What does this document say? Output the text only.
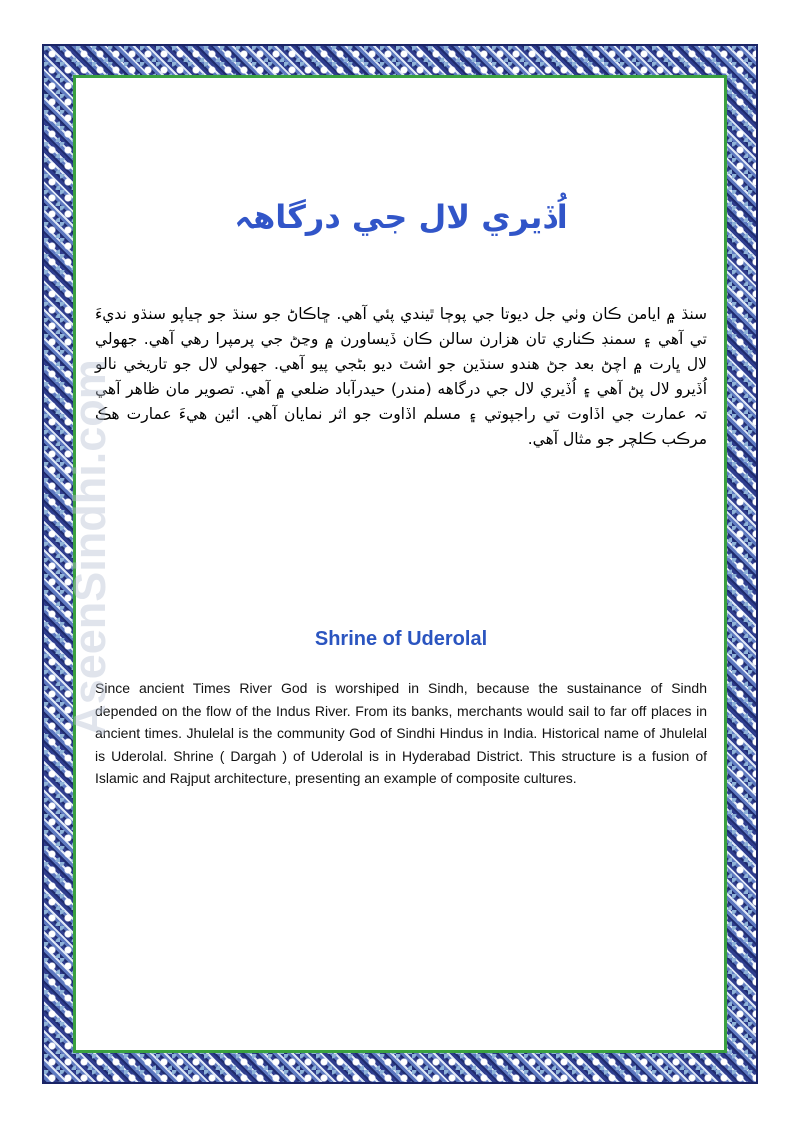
اُڏيري لال جي درگاهہ
سنڌ ۾ ايامن ڪان وٺي جل ديوتا جي پوڄا ٿيندي پئي آهي. ڇاڪاڻ جو سنڌ جو ڄياپو سنڌو نديءَ تي آهي ۽ سمنڊ ڪناري تان هزارن سالن ڪان ڏيساورن ۾ وڃڻ جي پرمپرا رهي آهي. جهولي لال ڀارت ۾ اچڻ بعد جڻ هندو سنڌين جو اشٽ ديو بڻجي پيو آهي. جهولي لال جو تاريخي نالو اُڏيرو لال پڻ آهي ۽ اُڏيري لال جي درگاهه (مندر) حيدرآباد ضلعي ۾ آهي. تصوير مان ظاهر آهي تہ عمارت جي اڏاوت تي راجپوتي ۽ مسلم اڏاوت جو اثر نمايان آهي. ائين هيءَ عمارت هڪ مرڪب ڪلچر جو مثال آهي.
Shrine of Uderolal
Since ancient Times River God is worshiped in Sindh, because the sustainance of Sindh depended on the flow of the Indus River. From its banks, merchants would sail to far off places in ancient times. Jhulelal is the community God of Sindhi Hindus in India. Historical name of Jhulelal is Uderolal. Shrine ( Dargah ) of Uderolal is in Hyderabad District. This structure is a fusion of Islamic and Rajput architecture, presenting an example of composite cultures.
AseenSindhi.com
